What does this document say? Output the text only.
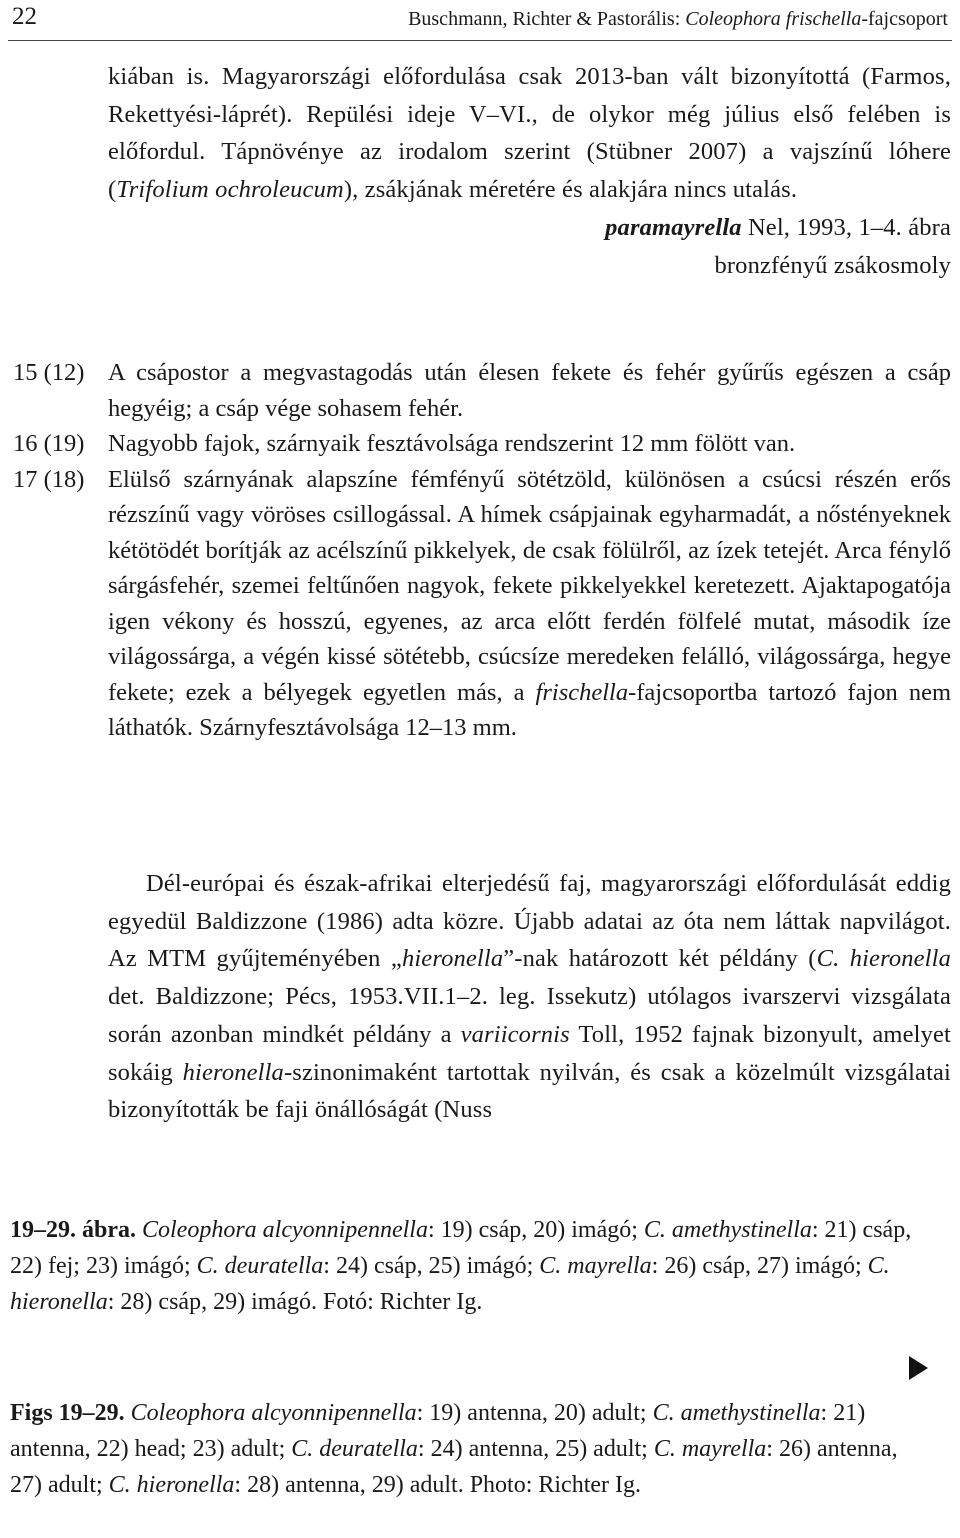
22	Buschmann, Richter & Pastorális: Coleophora frischella-fajcsoport
kiában is. Magyarországi előfordulása csak 2013-ban vált bizonyítottá (Farmos, Rekettyési-láprét). Repülési ideje V–VI., de olykor még július első felében is előfordul. Tápnövénye az irodalom szerint (Stübner 2007) a vajszínű lóhere (Trifolium ochroleucum), zsákjának méretére és alakjára nincs utalás.

paramayrella Nel, 1993, 1–4. ábra

bronzfényű zsákosmoly

15 (12) A csápostor a megvastagodás után élesen fekete és fehér gyűrűs egészen a csáp hegyéig; a csáp vége sohasem fehér.
16 (19) Nagyobb fajok, szárnyaik fesztávolsága rendszerint 12 mm fölött van.
17 (18) Elülső szárnyának alapszíne fémfényű sötétzöld, különösen a csúcsi részén erős rézszínű vagy vöröses csillogással. A hímek csápjainak egyharmadát, a nőstényeknek kétötödét borítják az acélszínű pikkelyek, de csak fölülről, az ízek tetejét. Arca fénylő sárgásfehér, szemei feltűnően nagyok, fekete pikkelyekkel keretezett. Ajaktapogatója igen vékony és hosszú, egyenes, az arca előtt ferdén fölfelé mutat, második íze világossárga, a végén kissé sötétebb, csúcsíze meredeken felálló, világossárga, hegye fekete; ezek a bélyegek egyetlen más, a frischella-fajcsoportba tartozó fajon nem láthatók. Szárnyfesztávolsága 12–13 mm.
Dél-európai és észak-afrikai elterjedésű faj, magyarországi előfordulását eddig egyedül Baldizzone (1986) adta közre. Újabb adatai az óta nem láttak napvilágot. Az MTM gyűjteményében „hieronella”-nak határozott két példány (C. hieronella det. Baldizzone; Pécs, 1953.VII.1–2. leg. Issekutz) utólagos ivarszervi vizsgálata során azonban mindkét példány a variicornis Toll, 1952 fajnak bizonyult, amelyet sokáig hieronella-szinonimaként tartottak nyilván, és csak a közelmúlt vizsgálatai bizonyították be faji önállóságát (Nuss
19–29. ábra. Coleophora alcyonnipennella: 19) csáp, 20) imágó; C. amethystinella: 21) csáp, 22) fej; 23) imágó; C. deuratella: 24) csáp, 25) imágó; C. mayrella: 26) csáp, 27) imágó; C. hieronella: 28) csáp, 29) imágó. Fotó: Richter Ig.
Figs 19–29. Coleophora alcyonnipennella: 19) antenna, 20) adult; C. amethystinella: 21) antenna, 22) head; 23) adult; C. deuratella: 24) antenna, 25) adult; C. mayrella: 26) antenna, 27) adult; C. hieronella: 28) antenna, 29) adult. Photo: Richter Ig.
